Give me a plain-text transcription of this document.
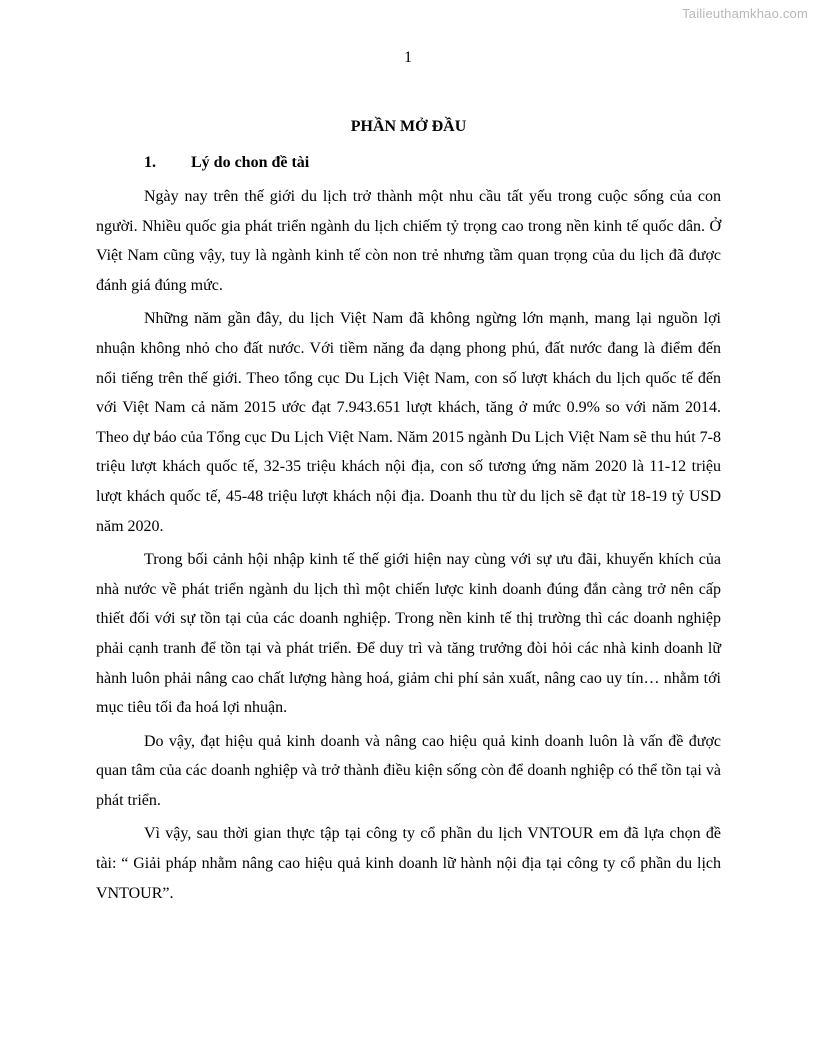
Tailieuthamkhao.com
1
PHẦN MỞ ĐẦU
1.	Lý do chon đề tài

Ngày nay trên thế giới du lịch trở thành một nhu cầu tất yếu trong cuộc sống của con người. Nhiều quốc gia phát triển ngành du lịch chiếm tỷ trọng cao trong nền kinh tế quốc dân. Ở Việt Nam cũng vậy, tuy là ngành kinh tế còn non trẻ nhưng tầm quan trọng của du lịch đã được đánh giá đúng mức.

Những năm gần đây, du lịch Việt Nam đã không ngừng lớn mạnh, mang lại nguồn lợi nhuận không nhỏ cho đất nước. Với tiềm năng đa dạng phong phú, đất nước đang là điểm đến nổi tiếng trên thế giới. Theo tổng cục Du Lịch Việt Nam, con số lượt khách du lịch quốc tế đến với Việt Nam cả năm 2015 ước đạt 7.943.651 lượt khách, tăng ở mức 0.9% so với năm 2014. Theo dự báo của Tổng cục Du Lịch Việt Nam. Năm 2015 ngành Du Lịch Việt Nam sẽ thu hút 7-8 triệu lượt khách quốc tế, 32-35 triệu khách nội địa, con số tương ứng năm 2020 là 11-12 triệu lượt khách quốc tế, 45-48 triệu lượt khách nội địa. Doanh thu từ du lịch sẽ đạt từ 18-19 tỷ USD năm 2020.

Trong bối cảnh hội nhập kinh tế thế giới hiện nay cùng với sự ưu đãi, khuyến khích của nhà nước về phát triển ngành du lịch thì một chiến lược kinh doanh đúng đắn càng trở nên cấp thiết đối với sự tồn tại của các doanh nghiệp. Trong nền kinh tế thị trường thì các doanh nghiệp phải cạnh tranh để tồn tại và phát triển. Để duy trì và tăng trưởng đòi hỏi các nhà kinh doanh lữ hành luôn phải nâng cao chất lượng hàng hoá, giảm chi phí sản xuất, nâng cao uy tín… nhằm tới mục tiêu tối đa hoá lợi nhuận.

Do vậy, đạt hiệu quả kinh doanh và nâng cao hiệu quả kinh doanh luôn là vấn đề được quan tâm của các doanh nghiệp và trở thành điều kiện sống còn để doanh nghiệp có thể tồn tại và phát triển.

Vì vậy, sau thời gian thực tập tại công ty cổ phần du lịch VNTOUR em đã lựa chọn đề tài: “ Giải pháp nhằm nâng cao hiệu quả kinh doanh lữ hành nội địa tại công ty cổ phần du lịch VNTOUR”.
